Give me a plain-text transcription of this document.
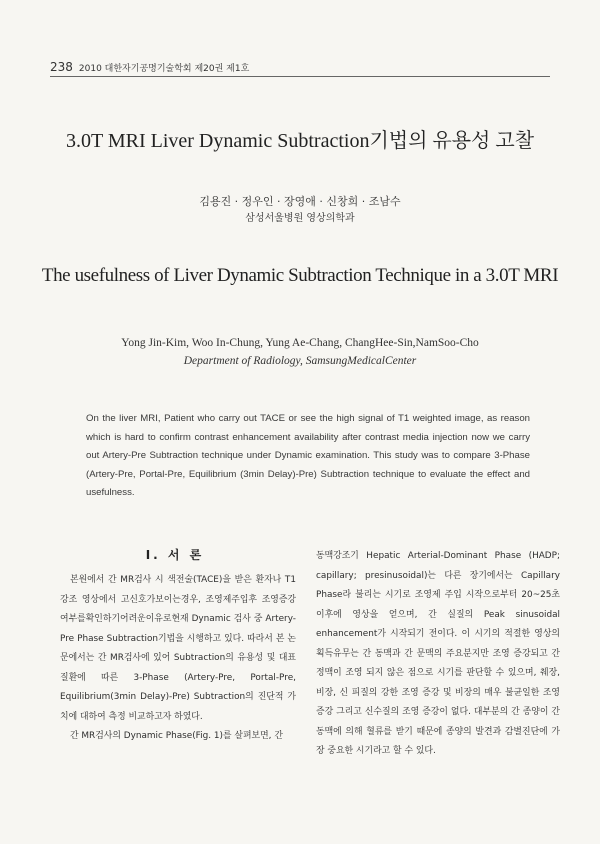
238 2010 대한자기공명기술학회 제20권 제1호
3.0T MRI Liver Dynamic Subtraction기법의 유용성 고찰
김용진 · 정우인 · 장영애 · 신창희 · 조남수
삼성서울병원 영상의학과
The usefulness of Liver Dynamic Subtraction Technique in a 3.0T MRI
Yong Jin-Kim, Woo In-Chung, Yung Ae-Chang, ChangHee-Sin,NamSoo-Cho
Department of Radiology, SamsungMedicalCenter
On the liver MRI, Patient who carry out TACE or see the high signal of T1 weighted image, as reason which is hard to confirm contrast enhancement availability after contrast media injection now we carry out Artery-Pre Subtraction technique under Dynamic examination. This study was to compare 3-Phase (Artery-Pre, Portal-Pre, Equilibrium (3min Delay)-Pre) Subtraction technique to evaluate the effect and usefulness.
I. 서 론

본원에서 간 MR검사 시 색전술(TACE)을 받은 환자나 T1 강조 영상에서 고신호가보이는경우, 조영제주입후 조영증강여부를확인하기어려운이유로현재 Dynamic 검사 중 Artery-Pre Phase Subtraction기법을 시행하고 있다. 따라서 본 논문에서는 간 MR검사에 있어 Subtraction의 유용성 및 대표 질환에 따른 3-Phase (Artery-Pre, Portal-Pre, Equilibrium(3min Delay)-Pre) Subtraction의 진단적 가치에 대하여 측정 비교하고자 하였다.

간 MR검사의 Dynamic Phase(Fig. 1)를 살펴보면, 간

동맥강조기 Hepatic Arterial-Dominant Phase (HADP; capillary; presinusoidal)는 다른 장기에서는 Capillary Phase라 불리는 시기로 조영제 주입 시작으로부터 20~25초 이후에 영상을 얻으며, 간 실질의 Peak sinusoidal enhancement가 시작되기 전이다. 이 시기의 적절한 영상의 획득유무는 간 동맥과 간 문맥의 주요분지만 조영 증강되고 간정맥이 조영 되지 않은 점으로 시기를 판단할 수 있으며, 췌장, 비장, 신 피질의 강한 조영 증강 및 비장의 매우 불균일한 조영 증강 그리고 신수질의 조영 증강이 없다. 대부분의 간 종양이 간동맥에 의해 혈류를 받기 때문에 종양의 발견과 감별진단에 가장 중요한 시기라고 할 수 있다.
